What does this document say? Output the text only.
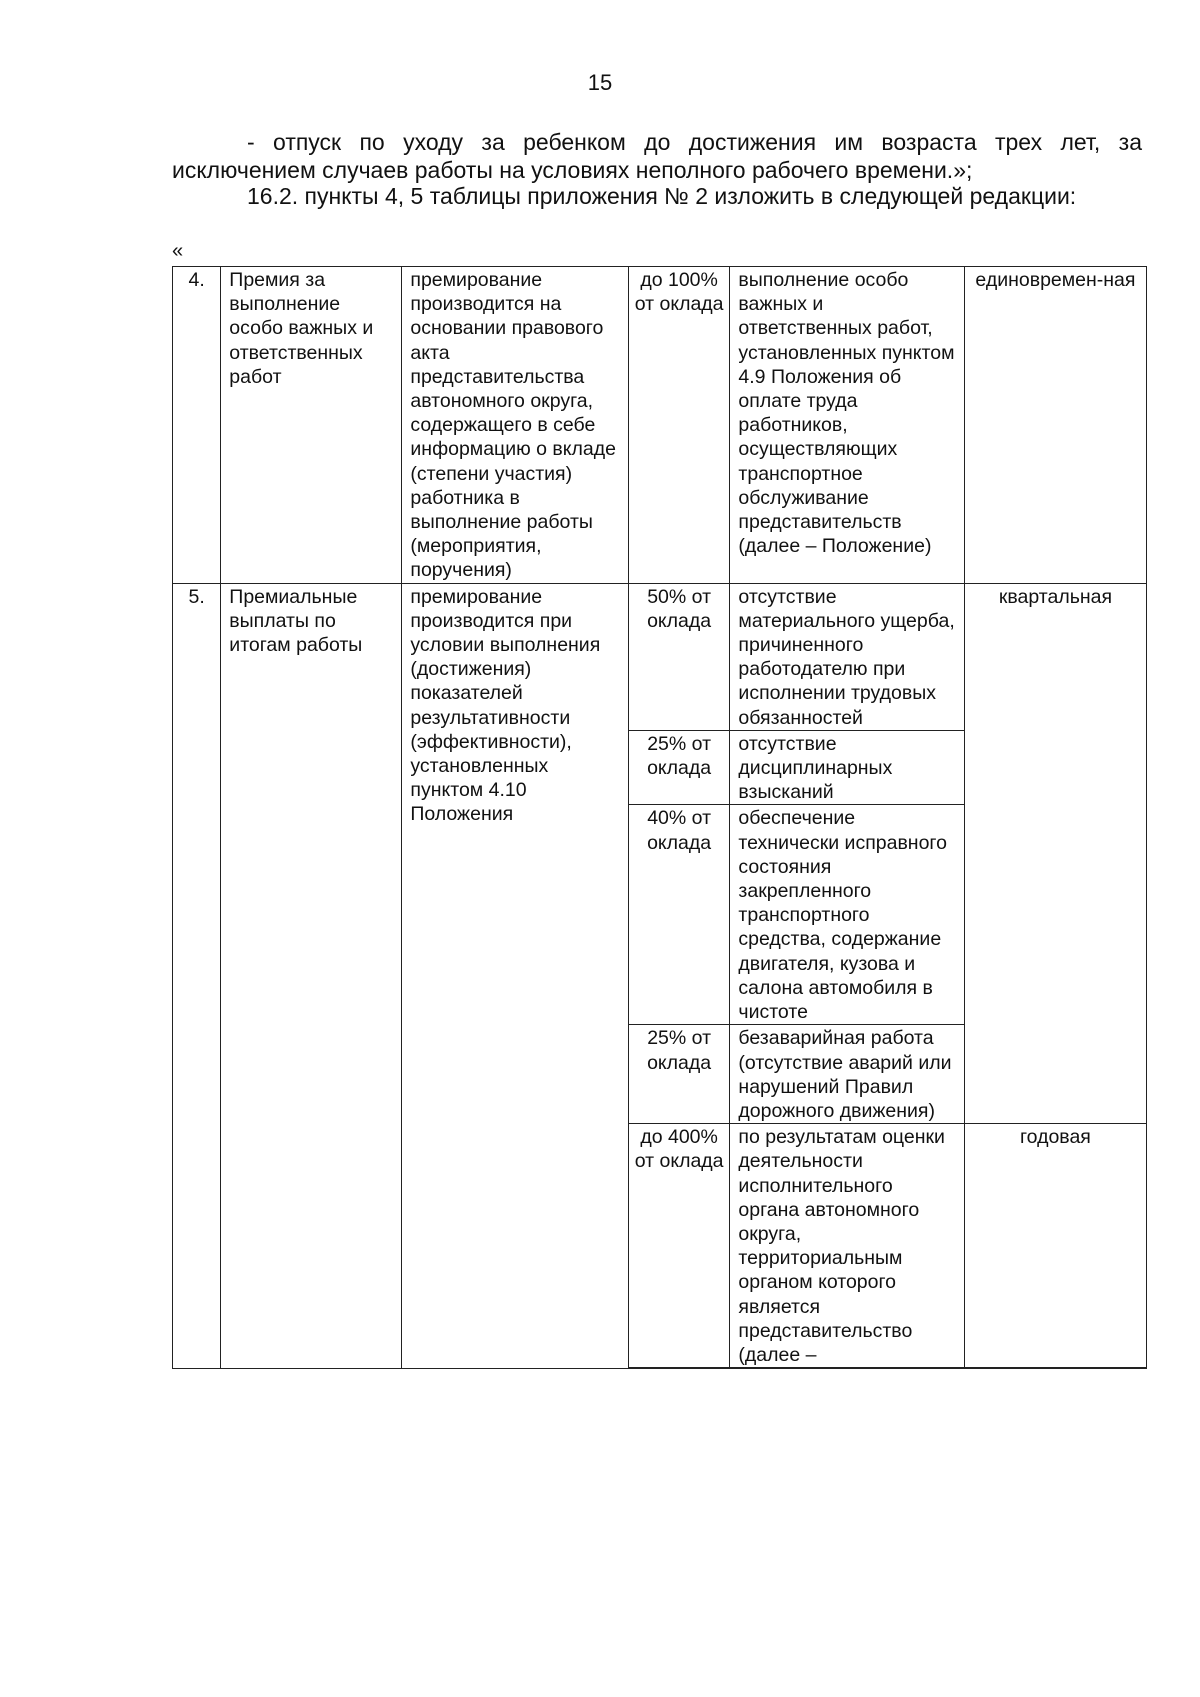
15
- отпуск по уходу за ребенком до достижения им возраста трех лет, за исключением случаев работы на условиях неполного рабочего времени.»;
16.2. пункты 4, 5 таблицы приложения № 2 изложить в следующей редакции:
«
4.	Премия за выполнение особо важных и ответственных работ	премирование производится на основании правового акта представительства автономного округа, содержащего в себе информацию о вкладе (степени участия) работника в выполнение работы (мероприятия, поручения)	до 100% от оклада	выполнение особо важных и ответственных работ, установленных пунктом 4.9 Положения об оплате труда работников, осуществляющих транспортное обслуживание представительств (далее – Положение)	единовремен-ная
5.	Премиальные выплаты по итогам работы	премирование производится при условии выполнения (достижения) показателей результативности (эффективности), установленных пунктом 4.10 Положения	50% от оклада	отсутствие материального ущерба, причиненного работодателю при исполнении трудовых обязанностей	квартальная
			25% от оклада	отсутствие дисциплинарных взысканий	
			40% от оклада	обеспечение технически исправного состояния закрепленного транспортного средства, содержание двигателя, кузова и салона автомобиля в чистоте	
			25% от оклада	безаварийная работа (отсутствие аварий или нарушений Правил дорожного движения)	
			до 400% от оклада	по результатам оценки деятельности исполнительного органа автономного округа, территориальным органом которого является представительство (далее –	годовая
